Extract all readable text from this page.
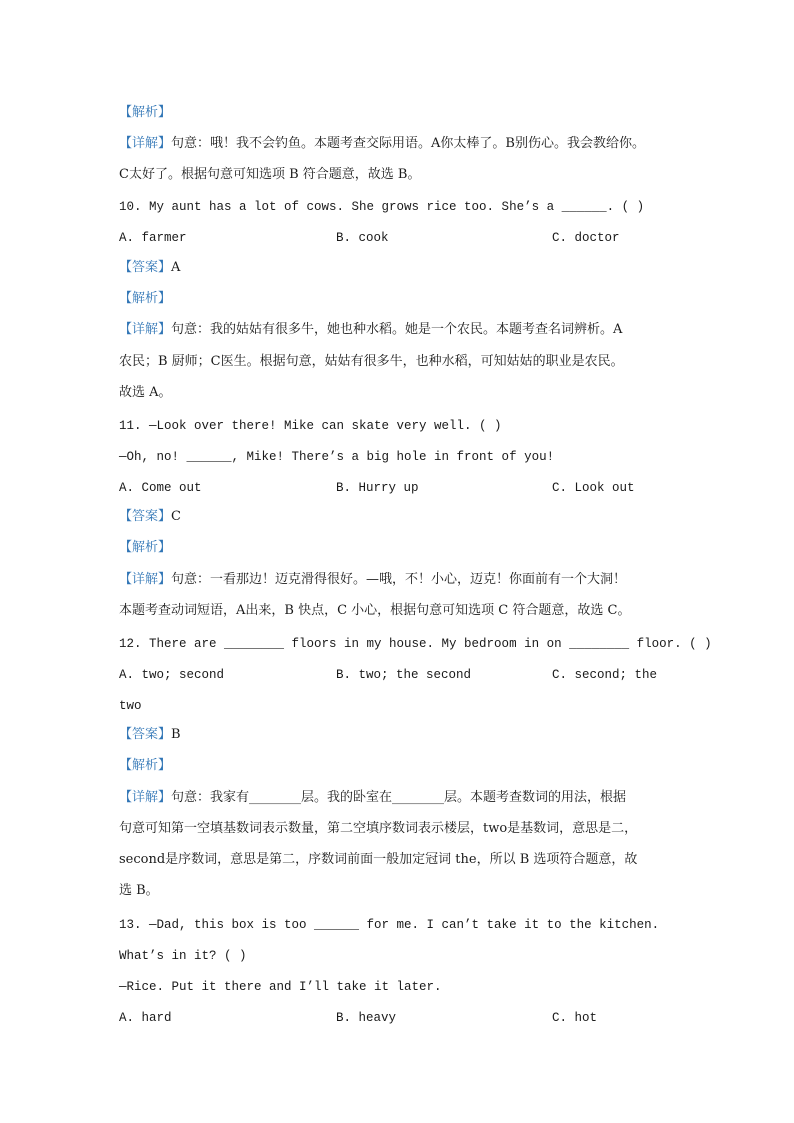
【解析】
【详解】句意：哦！我不会钓鱼。本题考查交际用语。A你太棒了。B别伤心。我会教给你。
C太好了。根据句意可知选项 B 符合题意，故选 B。
10. My aunt has a lot of cows. She grows rice too. She’s a ______. ( )
A. farmer	B. cook	C. doctor
【答案】A
【解析】
【详解】句意：我的姑姑有很多牛，她也种水稻。她是一个农民。本题考查名词辨析。A
农民；B 厨师；C医生。根据句意，姑姑有很多牛，也种水稻，可知姑姑的职业是农民。
故选 A。
11. —Look over there! Mike can skate very well. ( )
—Oh, no! ______, Mike! There’s a big hole in front of you!
A. Come out	B. Hurry up	C. Look out
【答案】C
【解析】
【详解】句意：一看那边！迈克滑得很好。—哦，不！小心，迈克！你面前有一个大洞！
本题考查动词短语，A出来，B 快点，C 小心，根据句意可知选项 C 符合题意，故选 C。
12. There are ________ floors in my house. My bedroom in on ________ floor. ( )
A. two; second	B. two; the second	C. second; the
two
【答案】B
【解析】
【详解】句意：我家有________层。我的卧室在________层。本题考查数词的用法，根据
句意可知第一空填基数词表示数量，第二空填序数词表示楼层，two是基数词，意思是二，
second是序数词，意思是第二，序数词前面一般加定冠词 the，所以 B 选项符合题意，故
选 B。
13. —Dad, this box is too ______ for me. I can’t take it to the kitchen.
What’s in it? ( )
—Rice. Put it there and I’ll take it later.
A. hard	B. heavy	C. hot
